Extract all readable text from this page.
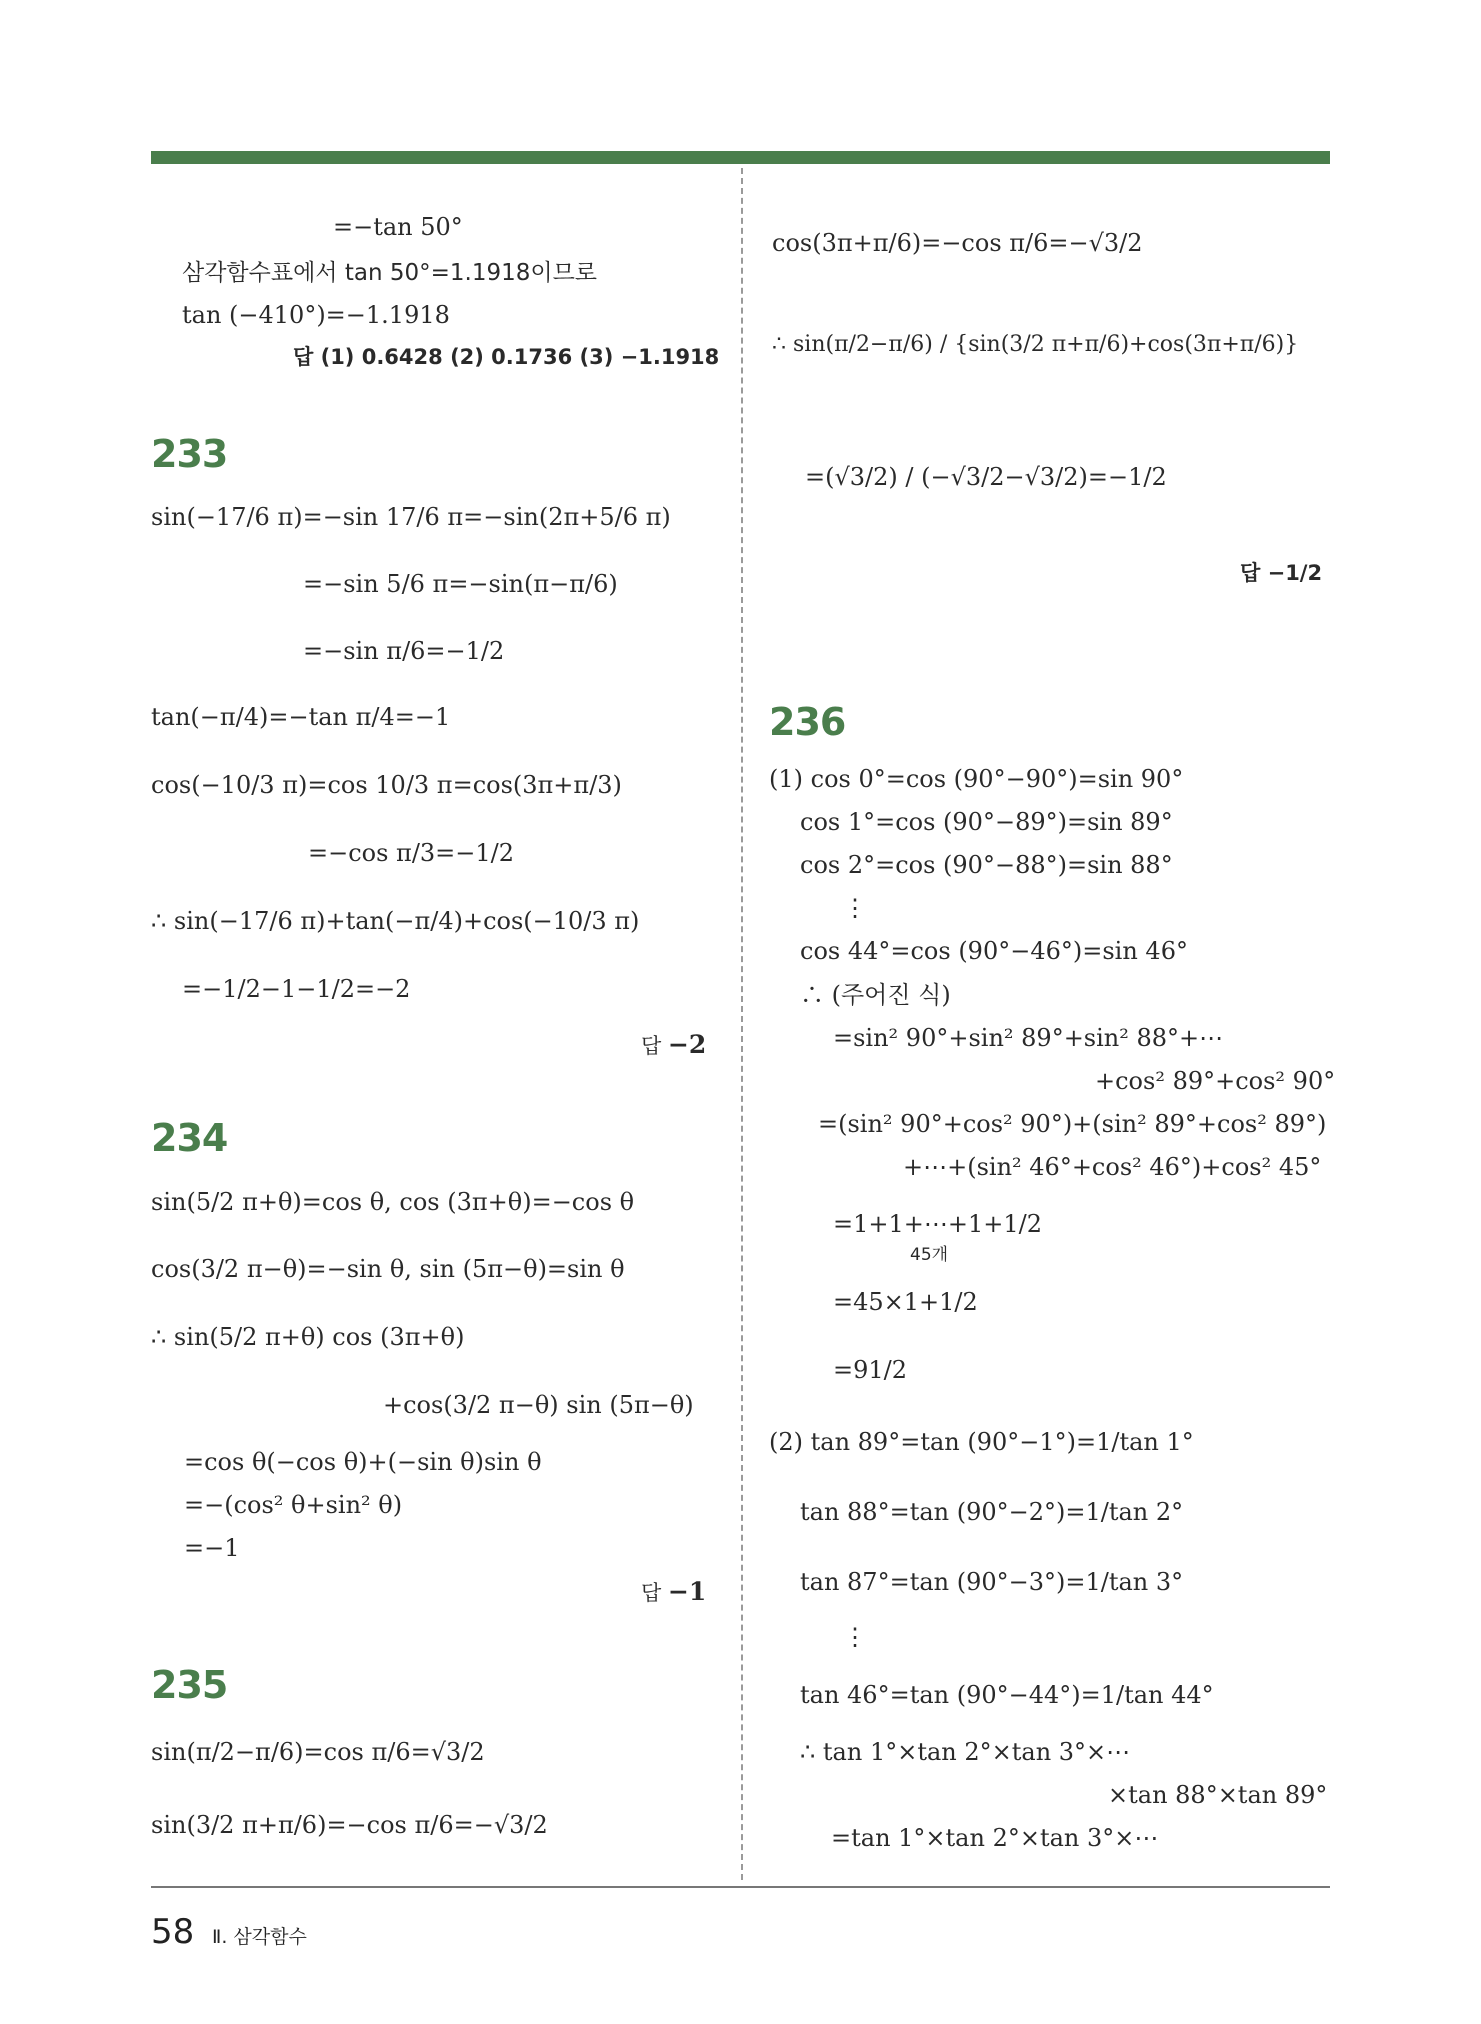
=−tan 50°
삼각함수표에서 tan 50°=1.1918이므로
tan (−410°)=−1.1918
답 (1) 0.6428 (2) 0.1736 (3) −1.1918
233
sin(−17/6 π)=−sin 17/6 π=−sin(2π+5/6 π)
=−sin 5/6 π=−sin(π−π/6)
=−sin π/6=−1/2
tan(−π/4)=−tan π/4=−1
cos(−10/3 π)=cos 10/3 π=cos(3π+π/3)
=−cos π/3=−1/2
∴ sin(−17/6 π)+tan(−π/4)+cos(−10/3 π)
=−1/2−1−1/2=−2
답 −2
234
sin(5/2 π+θ)=cos θ, cos (3π+θ)=−cos θ
cos(3/2 π−θ)=−sin θ, sin (5π−θ)=sin θ
∴ sin(5/2 π+θ) cos (3π+θ)
+cos(3/2 π−θ) sin (5π−θ)
=cos θ(−cos θ)+(−sin θ)sin θ
=−(cos² θ+sin² θ)
=−1
답 −1
235
sin(π/2−π/6)=cos π/6=√3/2
sin(3/2 π+π/6)=−cos π/6=−√3/2
cos(3π+π/6)=−cos π/6=−√3/2
∴ sin(π/2−π/6) / {sin(3/2 π+π/6)+cos(3π+π/6)}
=(√3/2) / (−√3/2−√3/2)=−1/2
답 −1/2
236
(1) cos 0°=cos (90°−90°)=sin 90°
cos 1°=cos (90°−89°)=sin 89°
cos 2°=cos (90°−88°)=sin 88°
⋮
cos 44°=cos (90°−46°)=sin 46°
∴ (주어진 식)
=sin² 90°+sin² 89°+sin² 88°+⋯
+cos² 89°+cos² 90°
=(sin² 90°+cos² 90°)+(sin² 89°+cos² 89°)
+⋯+(sin² 46°+cos² 46°)+cos² 45°
=1+1+⋯+1+1/2
45개
=45×1+1/2
=91/2
(2) tan 89°=tan (90°−1°)=1/tan 1°
tan 88°=tan (90°−2°)=1/tan 2°
tan 87°=tan (90°−3°)=1/tan 3°
⋮
tan 46°=tan (90°−44°)=1/tan 44°
∴ tan 1°×tan 2°×tan 3°×⋯
×tan 88°×tan 89°
=tan 1°×tan 2°×tan 3°×⋯
58 Ⅱ. 삼각함수
